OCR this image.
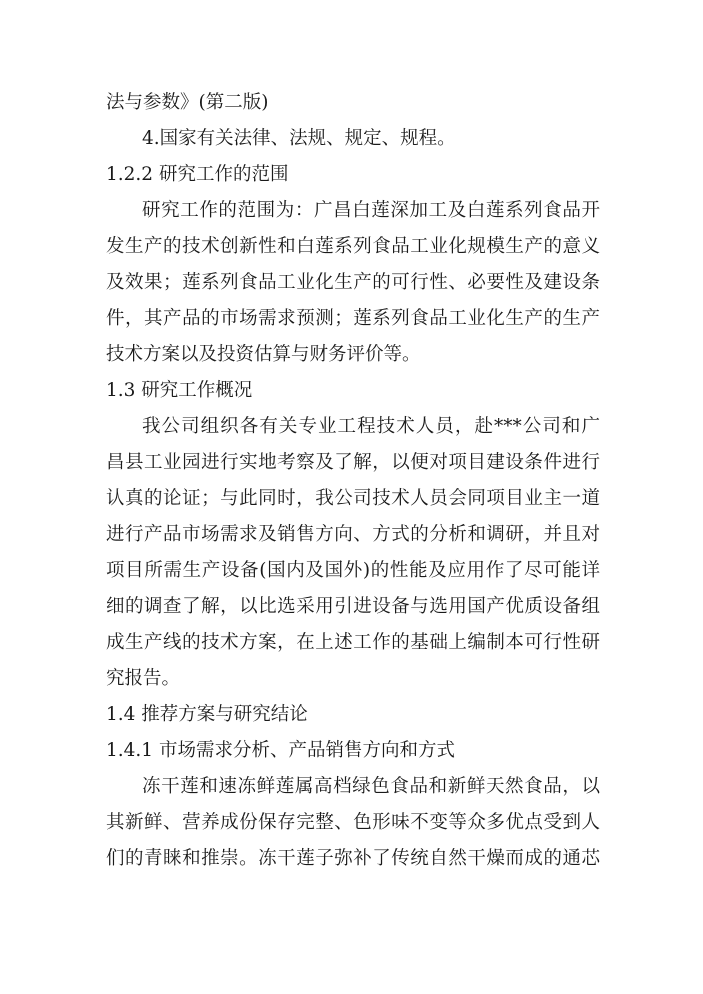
法与参数》(第二版)
4.国家有关法律、法规、规定、规程。
1.2.2 研究工作的范围
研究工作的范围为：广昌白莲深加工及白莲系列食品开
发生产的技术创新性和白莲系列食品工业化规模生产的意义
及效果；莲系列食品工业化生产的可行性、必要性及建设条
件，其产品的市场需求预测；莲系列食品工业化生产的生产
技术方案以及投资估算与财务评价等。
1.3 研究工作概况
我公司组织各有关专业工程技术人员，赴***公司和广
昌县工业园进行实地考察及了解，以便对项目建设条件进行
认真的论证；与此同时，我公司技术人员会同项目业主一道
进行产品市场需求及销售方向、方式的分析和调研，并且对
项目所需生产设备(国内及国外)的性能及应用作了尽可能详
细的调查了解，以比选采用引进设备与选用国产优质设备组
成生产线的技术方案，在上述工作的基础上编制本可行性研
究报告。
1.4 推荐方案与研究结论
1.4.1 市场需求分析、产品销售方向和方式
冻干莲和速冻鲜莲属高档绿色食品和新鲜天然食品，以
其新鲜、营养成份保存完整、色形味不变等众多优点受到人
们的青睐和推崇。冻干莲子弥补了传统自然干燥而成的通芯
